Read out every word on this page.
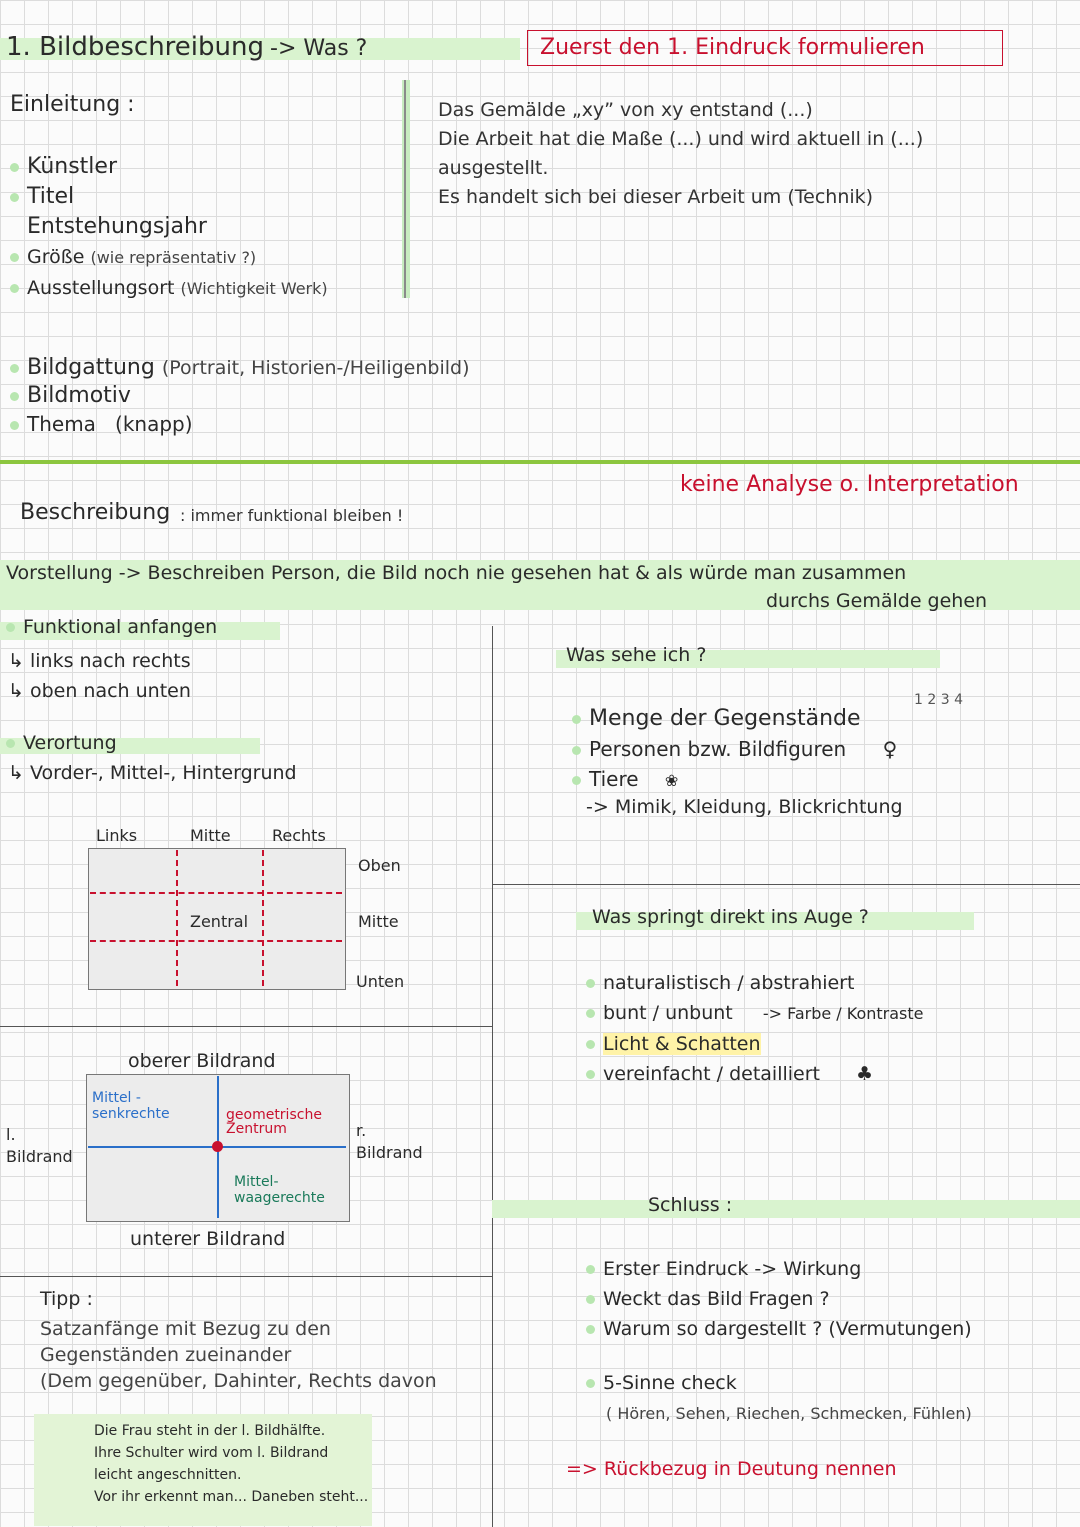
1. Bildbeschreibung -> Was ?	Zuerst den 1. Eindruck formulieren
Einleitung :
Künstler
Titel
Entstehungsjahr
Größe (wie repräsentativ ?)
Ausstellungsort (Wichtigkeit Werk)
Das Gemälde „xy” von xy entstand (...)
Die Arbeit hat die Maße (...) und wird aktuell in (...)
ausgestellt.
Es handelt sich bei dieser Arbeit um (Technik)
Bildgattung (Portrait, Historien-/Heiligenbild)
Bildmotiv
Thema (knapp)
keine Analyse o. Interpretation
Beschreibung : immer funktional bleiben !
Vorstellung -> Beschreiben Person, die Bild noch nie gesehen hat & als würde man zusammen
durchs Gemälde gehen
Funktional anfangen
↳ links nach rechts
↳ oben nach unten
Verortung
↳ Vorder-, Mittel-, Hintergrund
Links	Mitte	Rechts
Zentral
Oben
Mitte
Unten
oberer Bildrand
Mittel - senkrechte	geometrische Zentrum
Mittel- waagerechte
l. Bildrand
r. Bildrand
unterer Bildrand
Tipp :
Satzanfänge mit Bezug zu den
Gegenständen zueinander
(Dem gegenüber, Dahinter, Rechts davon
Die Frau steht in der l. Bildhälfte.
Ihre Schulter wird vom l. Bildrand
leicht angeschnitten.
Vor ihr erkennt man... Daneben steht...
Was sehe ich ?
1 2 3 4
Menge der Gegenstände
Personen bzw. Bildfiguren ♀
Tiere ❀
-> Mimik, Kleidung, Blickrichtung
Was springt direkt ins Auge ?
naturalistisch / abstrahiert
bunt / unbunt -> Farbe / Kontraste
Licht & Schatten
vereinfacht / detailliert ♣
Schluss :
Erster Eindruck -> Wirkung
Weckt das Bild Fragen ?
Warum so dargestellt ? (Vermutungen)
5-Sinne check
( Hören, Sehen, Riechen, Schmecken, Fühlen)
=> Rückbezug in Deutung nennen
